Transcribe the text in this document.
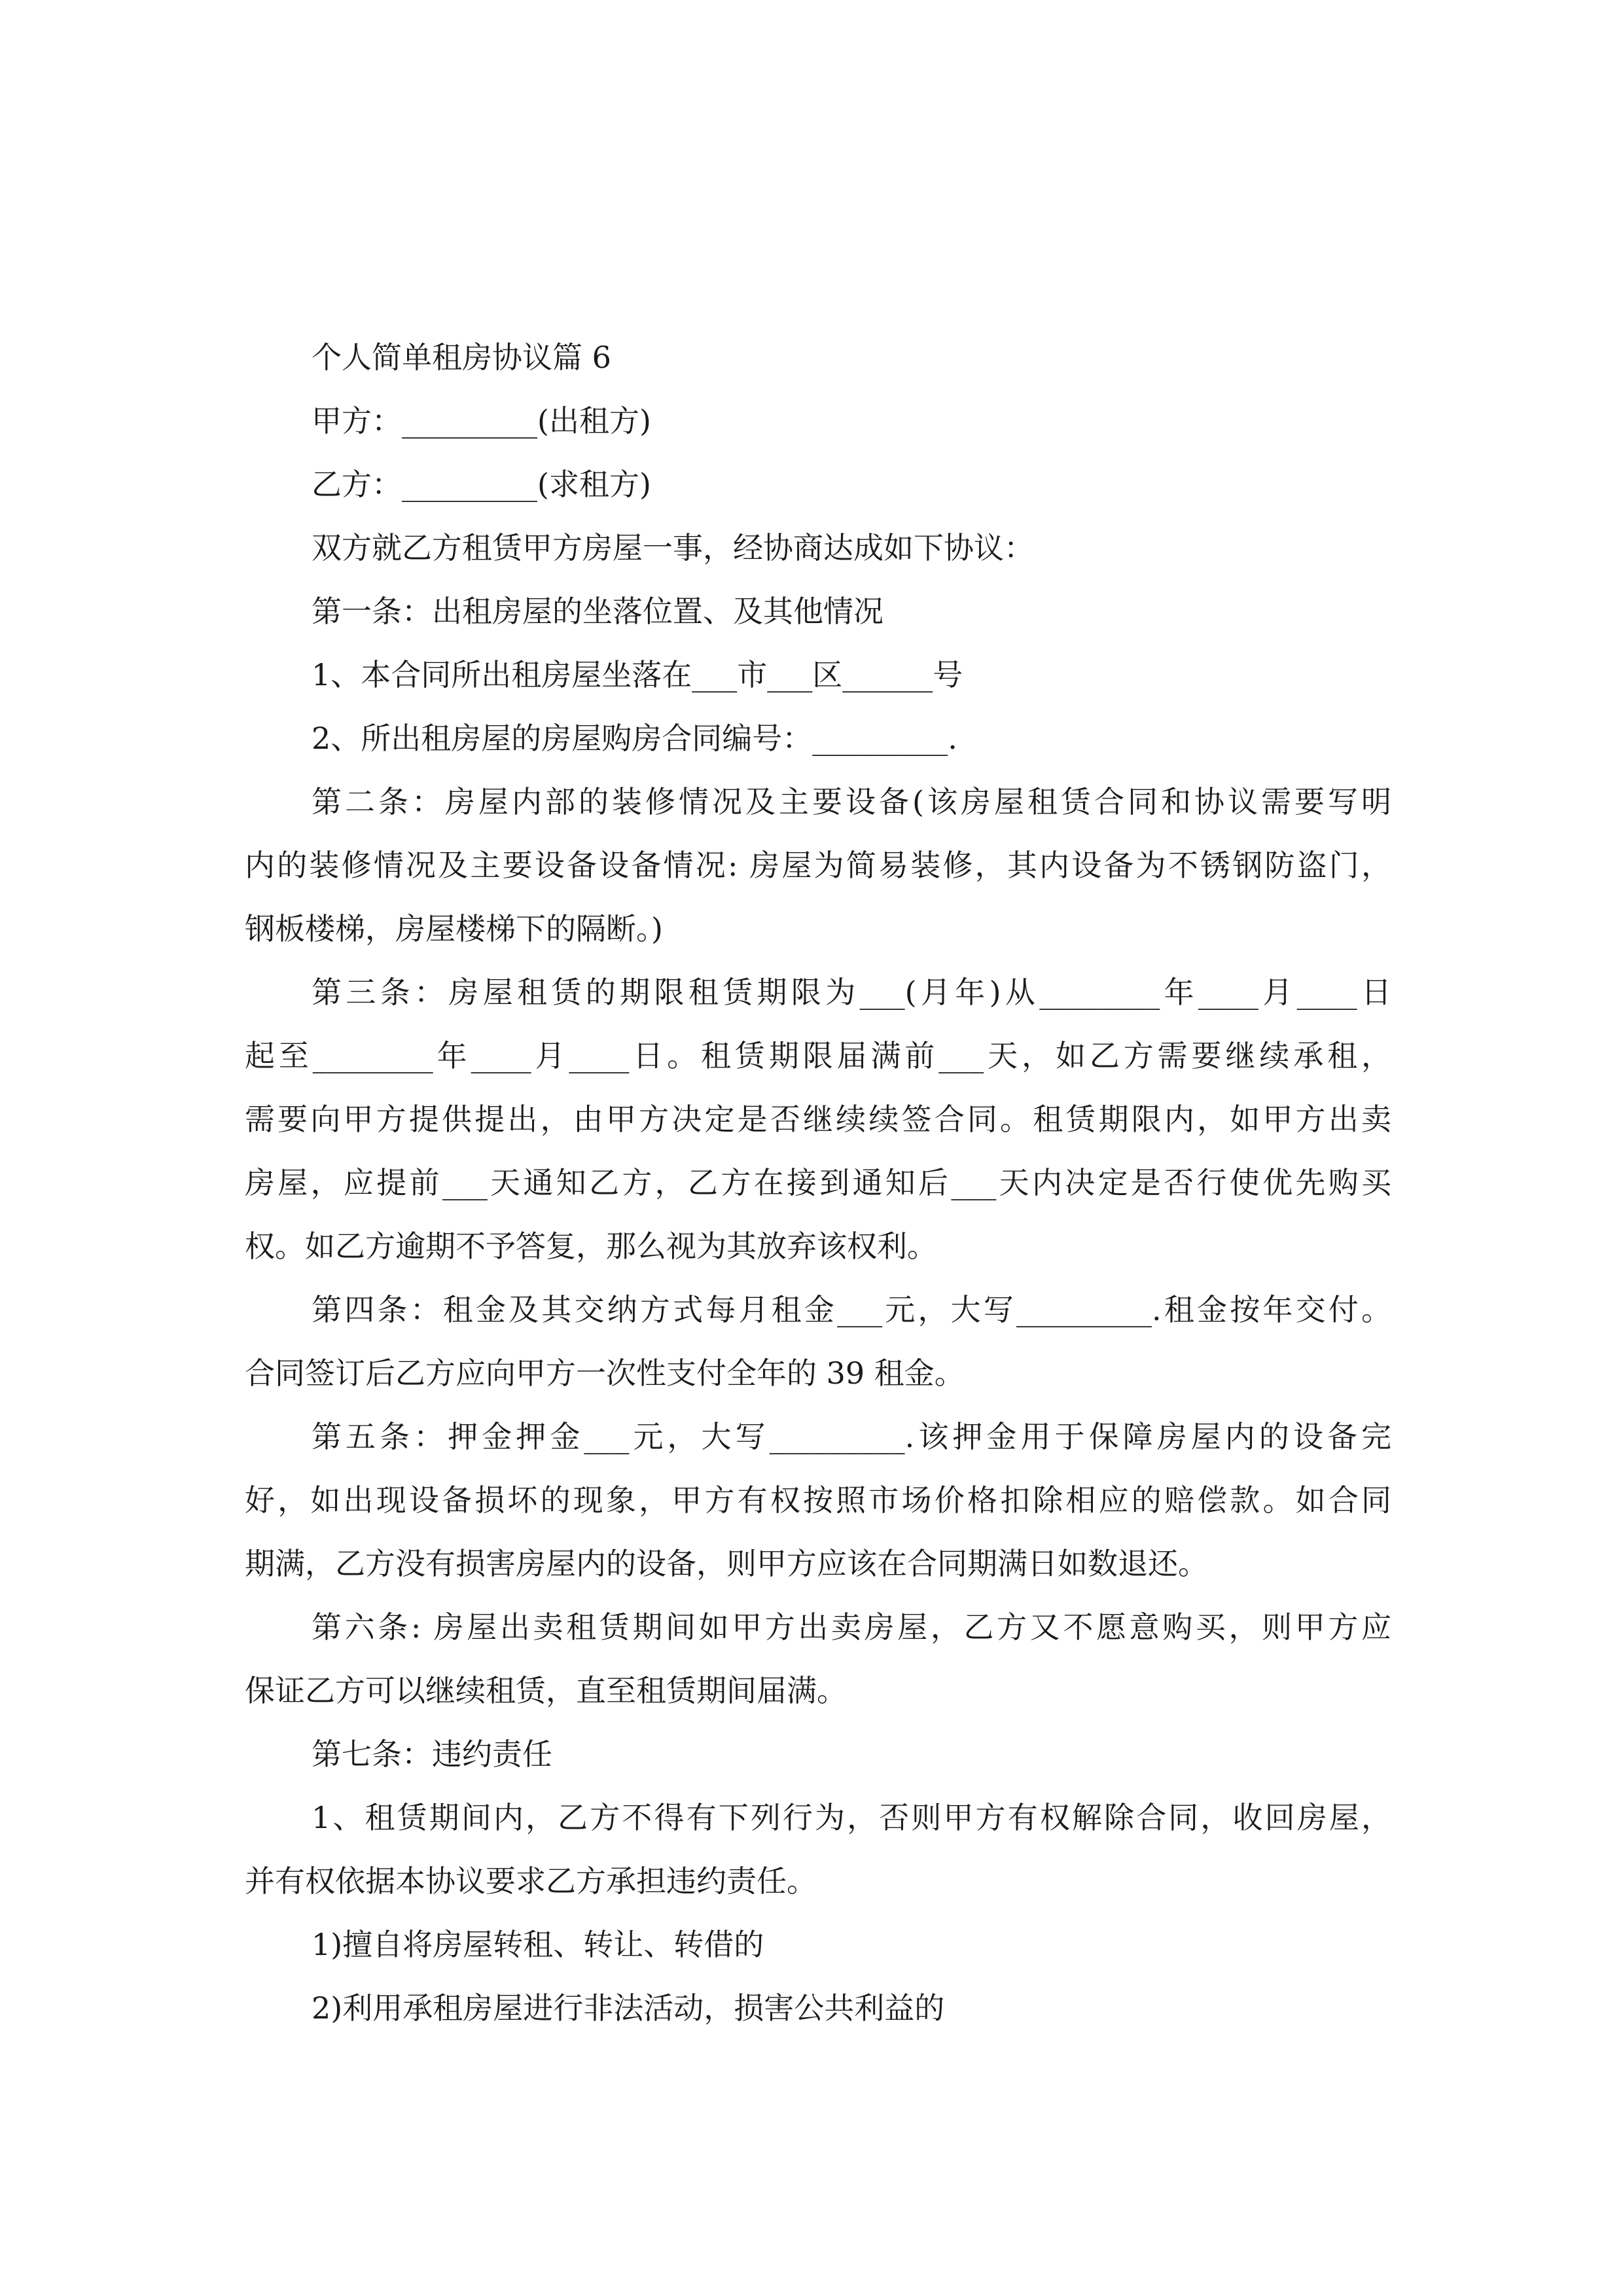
个人简单租房协议篇 6
甲方：_________(出租方)
乙方：_________(求租方)
双方就乙方租赁甲方房屋一事，经协商达成如下协议：
第一条：出租房屋的坐落位置、及其他情况
1、本合同所出租房屋坐落在___市___区______号
2、所出租房屋的房屋购房合同编号：_________.
第二条：房屋内部的装修情况及主要设备(该房屋租赁合同和协议需要写明
内的装修情况及主要设备设备情况: 房屋为简易装修，其内设备为不锈钢防盗门，
钢板楼梯，房屋楼梯下的隔断。)
第三条：房屋租赁的期限租赁期限为___(月年)从________年____月____日
起至________年____月____日。租赁期限届满前___天，如乙方需要继续承租，
需要向甲方提供提出，由甲方决定是否继续续签合同。租赁期限内，如甲方出卖
房屋，应提前___天通知乙方，乙方在接到通知后___天内决定是否行使优先购买
权。如乙方逾期不予答复，那么视为其放弃该权利。
第四条：租金及其交纳方式每月租金___元，大写_________.租金按年交付。
合同签订后乙方应向甲方一次性支付全年的 39 租金。
第五条：押金押金___元，大写_________.该押金用于保障房屋内的设备完
好，如出现设备损坏的现象，甲方有权按照市场价格扣除相应的赔偿款。如合同
期满，乙方没有损害房屋内的设备，则甲方应该在合同期满日如数退还。
第六条: 房屋出卖租赁期间如甲方出卖房屋，乙方又不愿意购买，则甲方应
保证乙方可以继续租赁，直至租赁期间届满。
第七条：违约责任
1、租赁期间内，乙方不得有下列行为，否则甲方有权解除合同，收回房屋，
并有权依据本协议要求乙方承担违约责任。
1)擅自将房屋转租、转让、转借的
2)利用承租房屋进行非法活动，损害公共利益的
